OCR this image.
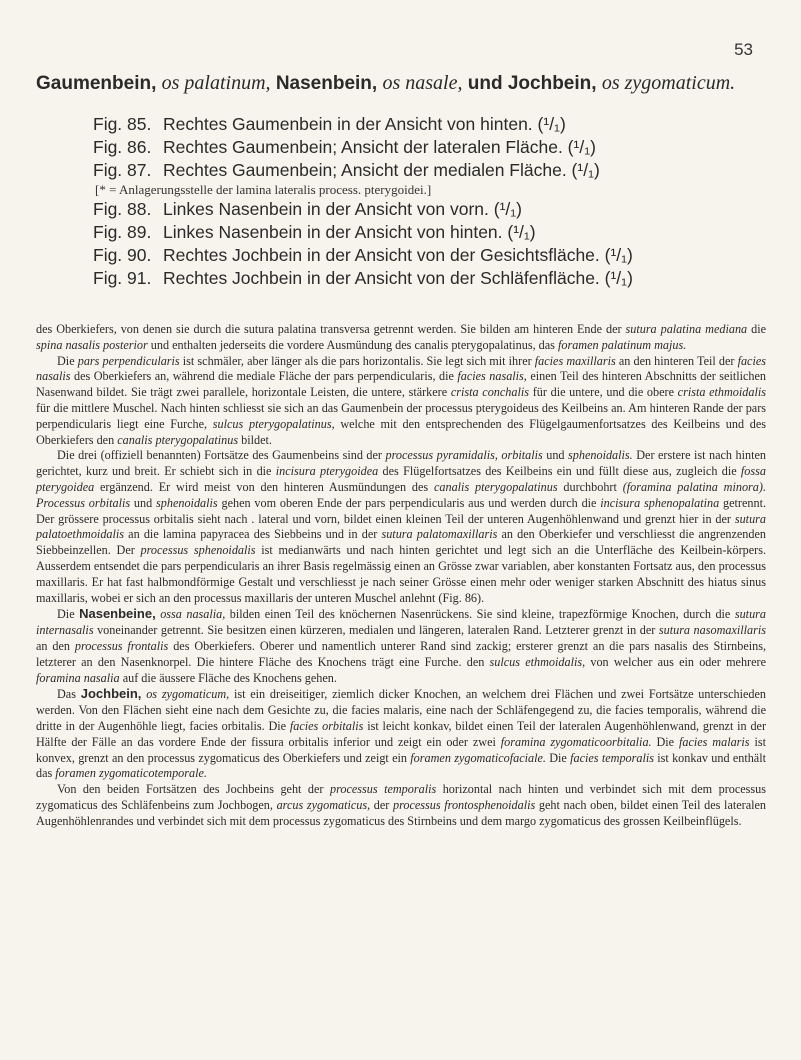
53
Gaumenbein, os palatinum, Nasenbein, os nasale, und Jochbein, os zygomaticum.
Fig. 85. Rechtes Gaumenbein in der Ansicht von hinten. (¹/₁)
Fig. 86. Rechtes Gaumenbein; Ansicht der lateralen Fläche. (¹/₁)
Fig. 87. Rechtes Gaumenbein; Ansicht der medialen Fläche. (¹/₁)
[* = Anlagerungsstelle der lamina lateralis process. pterygoidei.]
Fig. 88. Linkes Nasenbein in der Ansicht von vorn. (¹/₁)
Fig. 89. Linkes Nasenbein in der Ansicht von hinten. (¹/₁)
Fig. 90. Rechtes Jochbein in der Ansicht von der Gesichtsfläche. (¹/₁)
Fig. 91. Rechtes Jochbein in der Ansicht von der Schläfenfläche. (¹/₁)

des Oberkiefers, von denen sie durch die sutura palatina transversa getrennt werden. Sie bilden am hinteren Ende der sutura palatina mediana die spina nasalis posterior und enthalten jederseits die vordere Ausmündung des canalis pterygopalatinus, das foramen palatinum majus.

Die pars perpendicularis ist schmäler, aber länger als die pars horizontalis. Sie legt sich mit ihrer facies maxillaris an den hinteren Teil der facies nasalis des Oberkiefers an, während die mediale Fläche der pars perpendicularis, die facies nasalis, einen Teil des hinteren Abschnitts der seitlichen Nasenwand bildet. Sie trägt zwei parallele, horizontale Leisten, die untere, stärkere crista conchalis für die untere, und die obere crista ethmoidalis für die mittlere Muschel. Nach hinten schliesst sie sich an das Gaumenbein der processus pterygoideus des Keilbeins an. Am hinteren Rande der pars perpendicularis liegt eine Furche, sulcus pterygopalatinus, welche mit den entsprechenden des Flügelgaumenfortsatzes des Keilbeins und des Oberkiefers den canalis pterygopalatinus bildet.

Die drei (offiziell benannten) Fortsätze des Gaumenbeins sind der processus pyramidalis, orbitalis und sphenoidalis. Der erstere ist nach hinten gerichtet, kurz und breit. Er schiebt sich in die incisura pterygoidea des Flügelfortsatzes des Keilbeins ein und füllt diese aus, zugleich die fossa pterygoidea ergänzend. Er wird meist von den hinteren Ausmündungen des canalis pterygopalatinus durchbohrt (foramina palatina minora). Processus orbitalis und sphenoidalis gehen vom oberen Ende der pars perpendicularis aus und werden durch die incisura sphenopalatina getrennt. Der grössere processus orbitalis sieht nach . lateral und vorn, bildet einen kleinen Teil der unteren Augenhöhlenwand und grenzt hier in der sutura palatoethmoidalis an die lamina papyracea des Siebbeins und in der sutura palatomaxillaris an den Oberkiefer und verschliesst die angrenzenden Siebbeinzellen. Der processus sphenoidalis ist medianwärts und nach hinten gerichtet und legt sich an die Unterfläche des Keilbein-körpers. Ausserdem entsendet die pars perpendicularis an ihrer Basis regelmässig einen an Grösse zwar variablen, aber konstanten Fortsatz aus, den processus maxillaris. Er hat fast halbmondförmige Gestalt und verschliesst je nach seiner Grösse einen mehr oder weniger starken Abschnitt des hiatus sinus maxillaris, wobei er sich an den processus maxillaris der unteren Muschel anlehnt (Fig. 86).

Die Nasenbeine, ossa nasalia, bilden einen Teil des knöchernen Nasenrückens. Sie sind kleine, trapezförmige Knochen, durch die sutura internasalis voneinander getrennt. Sie besitzen einen kürzeren, medialen und längeren, lateralen Rand. Letzterer grenzt in der sutura nasomaxillaris an den processus frontalis des Oberkiefers. Oberer und namentlich unterer Rand sind zackig; ersterer grenzt an die pars nasalis des Stirnbeins, letzterer an den Nasenknorpel. Die hintere Fläche des Knochens trägt eine Furche. den sulcus ethmoidalis, von welcher aus ein oder mehrere foramina nasalia auf die äussere Fläche des Knochens gehen.

Das Jochbein, os zygomaticum, ist ein dreiseitiger, ziemlich dicker Knochen, an welchem drei Flächen und zwei Fortsätze unterschieden werden. Von den Flächen sieht eine nach dem Gesichte zu, die facies malaris, eine nach der Schläfengegend zu, die facies temporalis, während die dritte in der Augenhöhle liegt, facies orbitalis. Die facies orbitalis ist leicht konkav, bildet einen Teil der lateralen Augenhöhlenwand, grenzt in der Hälfte der Fälle an das vordere Ende der fissura orbitalis inferior und zeigt ein oder zwei foramina zygomaticoorbitalia. Die facies malaris ist konvex, grenzt an den processus zygomaticus des Oberkiefers und zeigt ein foramen zygomaticofaciale. Die facies temporalis ist konkav und enthält das foramen zygomaticotemporale.

Von den beiden Fortsätzen des Jochbeins geht der processus temporalis horizontal nach hinten und verbindet sich mit dem processus zygomaticus des Schläfenbeins zum Jochbogen, arcus zygomaticus, der processus frontosphenoidalis geht nach oben, bildet einen Teil des lateralen Augenhöhlenrandes und verbindet sich mit dem processus zygomaticus des Stirnbeins und dem margo zygomaticus des grossen Keilbeinflügels.
